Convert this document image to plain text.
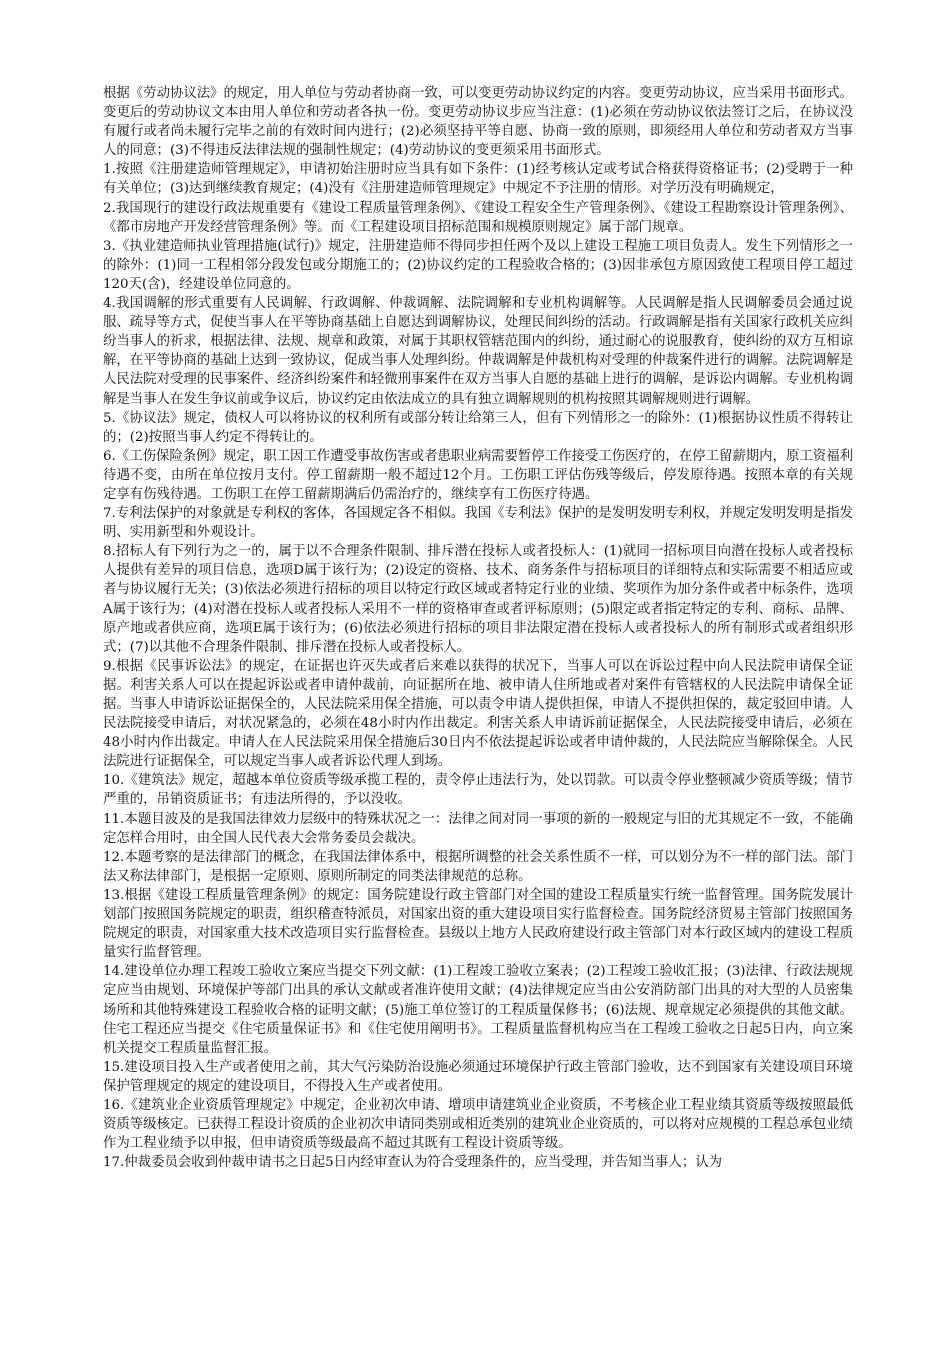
根据《劳动协议法》的规定，用人单位与劳动者协商一致，可以变更劳动协议约定的内容。变更劳动协议，应当采用书面形式。变更后的劳动协议文本由用人单位和劳动者各执一份。变更劳动协议步应当注意：(1)必须在劳动协议依法签订之后，在协议没有履行或者尚未履行完毕之前的有效时间内进行；(2)必须坚持平等自愿、协商一致的原则，即须经用人单位和劳动者双方当事人的同意；(3)不得违反法律法规的强制性规定；(4)劳动协议的变更须采用书面形式。

1.按照《注册建造师管理规定》，申请初始注册时应当具有如下条件：(1)经考核认定或考试合格获得资格证书；(2)受聘于一种有关单位；(3)达到继续教育规定；(4)没有《注册建造师管理规定》中规定不予注册的情形。对学历没有明确规定，

2.我国现行的建设行政法规重要有《建设工程质量管理条例》、《建设工程安全生产管理条例》、《建设工程勘察设计管理条例》、《都市房地产开发经营管理条例》等。而《工程建设项目招标范围和规模原则规定》属于部门规章。

3.《执业建造师执业管理措施(试行)》规定，注册建造师不得同步担任两个及以上建设工程施工项目负责人。发生下列情形之一的除外：(1)同一工程相邻分段发包或分期施工的；(2)协议约定的工程验收合格的；(3)因非承包方原因致使工程项目停工超过120天(含)，经建设单位同意的。

4.我国调解的形式重要有人民调解、行政调解、仲裁调解、法院调解和专业机构调解等。人民调解是指人民调解委员会通过说服、疏导等方式，促使当事人在平等协商基础上自愿达到调解协议，处理民间纠纷的活动。行政调解是指有关国家行政机关应纠纷当事人的祈求，根据法律、法规、规章和政策，对属于其职权管辖范围内的纠纷，通过耐心的说服教育，使纠纷的双方互相谅解，在平等协商的基础上达到一致协议，促成当事人处理纠纷。仲裁调解是仲裁机构对受理的仲裁案件进行的调解。法院调解是人民法院对受理的民事案件、经济纠纷案件和轻微刑事案件在双方当事人自愿的基础上进行的调解，是诉讼内调解。专业机构调解是当事人在发生争议前或争议后，协议约定由依法成立的具有独立调解规则的机构按照其调解规则进行调解。

5.《协议法》规定，债权人可以将协议的权利所有或部分转让给第三人，但有下列情形之一的除外：(1)根据协议性质不得转让的；(2)按照当事人约定不得转让的。

6.《工伤保险条例》规定，职工因工作遭受事故伤害或者患职业病需要暂停工作接受工伤医疗的，在停工留薪期内，原工资福利待遇不变，由所在单位按月支付。停工留薪期一般不超过12个月。工伤职工评估伤残等级后，停发原待遇。按照本章的有关规定享有伤残待遇。工伤职工在停工留薪期满后仍需治疗的，继续享有工伤医疗待遇。

7.专利法保护的对象就是专利权的客体，各国规定各不相似。我国《专利法》保护的是发明发明专利权，并规定发明发明是指发明、实用新型和外观设计。

8.招标人有下列行为之一的，属于以不合理条件限制、排斥潜在投标人或者投标人：(1)就同一招标项目向潜在投标人或者投标人提供有差异的项目信息，选项D属于该行为；(2)设定的资格、技术、商务条件与招标项目的详细特点和实际需要不相适应或者与协议履行无关；(3)依法必须进行招标的项目以特定行政区域或者特定行业的业绩、奖项作为加分条件或者中标条件，选项A属于该行为；(4)对潜在投标人或者投标人采用不一样的资格审查或者评标原则；(5)限定或者指定特定的专利、商标、品牌、原产地或者供应商，选项E属于该行为；(6)依法必须进行招标的项目非法限定潜在投标人或者投标人的所有制形式或者组织形式；(7)以其他不合理条件限制、排斥潜在投标人或者投标人。

9.根据《民事诉讼法》的规定，在证据也许灭失或者后来难以获得的状况下，当事人可以在诉讼过程中向人民法院申请保全证据。利害关系人可以在提起诉讼或者申请仲裁前，向证据所在地、被申请人住所地或者对案件有管辖权的人民法院申请保全证据。当事人申请诉讼证据保全的，人民法院采用保全措施，可以责令申请人提供担保，申请人不提供担保的，裁定驳回申请。人民法院接受申请后，对状况紧急的，必须在48小时内作出裁定。利害关系人申请诉前证据保全，人民法院接受申请后，必须在48小时内作出裁定。申请人在人民法院采用保全措施后30日内不依法提起诉讼或者申请仲裁的，人民法院应当解除保全。人民法院进行证据保全，可以规定当事人或者诉讼代理人到场。

10.《建筑法》规定，超越本单位资质等级承揽工程的，责令停止违法行为，处以罚款。可以责令停业整顿减少资质等级；情节严重的，吊销资质证书；有违法所得的，予以没收。

11.本题目波及的是我国法律效力层级中的特殊状况之一：法律之间对同一事项的新的一般规定与旧的尤其规定不一致，不能确定怎样合用时，由全国人民代表大会常务委员会裁决。

12.本题考察的是法律部门的概念，在我国法律体系中，根据所调整的社会关系性质不一样，可以划分为不一样的部门法。部门法又称法律部门，是根据一定原则、原则所制定的同类法律规范的总称。

13.根据《建设工程质量管理条例》的规定：国务院建设行政主管部门对全国的建设工程质量实行统一监督管理。国务院发展计划部门按照国务院规定的职责，组织稽查特派员，对国家出资的重大建设项目实行监督检查。国务院经济贸易主管部门按照国务院规定的职责，对国家重大技术改造项目实行监督检查。县级以上地方人民政府建设行政主管部门对本行政区域内的建设工程质量实行监督管理。

14.建设单位办理工程竣工验收立案应当提交下列文献：(1)工程竣工验收立案表；(2)工程竣工验收汇报；(3)法律、行政法规规定应当由规划、环境保护等部门出具的承认文献或者准许使用文献；(4)法律规定应当由公安消防部门出具的对大型的人员密集场所和其他特殊建设工程验收合格的证明文献；(5)施工单位签订的工程质量保修书；(6)法规、规章规定必须提供的其他文献。住宅工程还应当提交《住宅质量保证书》和《住宅使用阐明书》。工程质量监督机构应当在工程竣工验收之日起5日内，向立案机关提交工程质量监督汇报。

15.建设项目投入生产或者使用之前，其大气污染防治设施必须通过环境保护行政主管部门验收，达不到国家有关建设项目环境保护管理规定的规定的建设项目，不得投入生产或者使用。

16.《建筑业企业资质管理规定》中规定，企业初次申请、增项申请建筑业企业资质，不考核企业工程业绩其资质等级按照最低资质等级核定。已获得工程设计资质的企业初次申请同类别或相近类别的建筑业企业资质的，可以将对应规模的工程总承包业绩作为工程业绩予以申报，但申请资质等级最高不超过其既有工程设计资质等级。

17.仲裁委员会收到仲裁申请书之日起5日内经审查认为符合受理条件的，应当受理，并告知当事人；认为
